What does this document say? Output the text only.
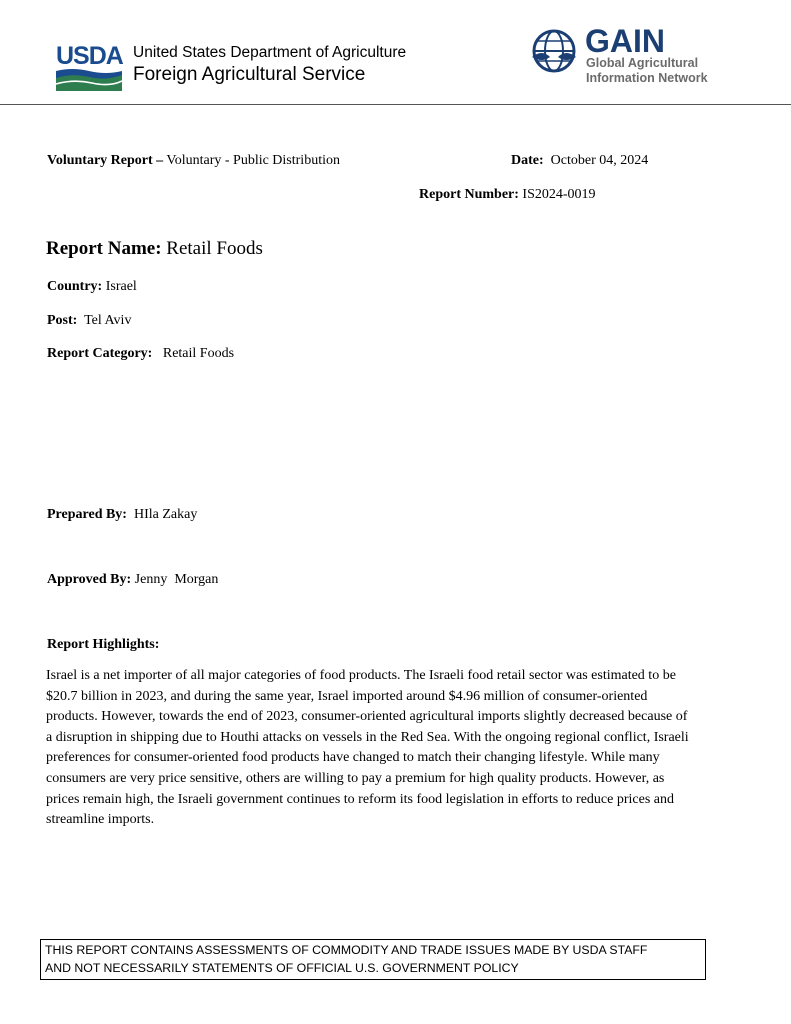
USDA United States Department of Agriculture
Foreign Agricultural Service
GAIN
Global Agricultural
Information Network
Voluntary Report – Voluntary - Public Distribution	Date:  October 04, 2024
Report Number: IS2024-0019
Report Name: Retail Foods
Country: Israel
Post:  Tel Aviv
Report Category:   Retail Foods
Prepared By:  HIla Zakay
Approved By: Jenny  Morgan
Report Highlights:
Israel is a net importer of all major categories of food products. The Israeli food retail sector was estimated to be $20.7 billion in 2023, and during the same year, Israel imported around $4.96 million of consumer-oriented products. However, towards the end of 2023, consumer-oriented agricultural imports slightly decreased because of a disruption in shipping due to Houthi attacks on vessels in the Red Sea. With the ongoing regional conflict, Israeli preferences for consumer-oriented food products have changed to match their changing lifestyle. While many consumers are very price sensitive, others are willing to pay a premium for high quality products. However, as prices remain high, the Israeli government continues to reform its food legislation in efforts to reduce prices and streamline imports.
THIS REPORT CONTAINS ASSESSMENTS OF COMMODITY AND TRADE ISSUES MADE BY USDA STAFF
AND NOT NECESSARILY STATEMENTS OF OFFICIAL U.S. GOVERNMENT POLICY
